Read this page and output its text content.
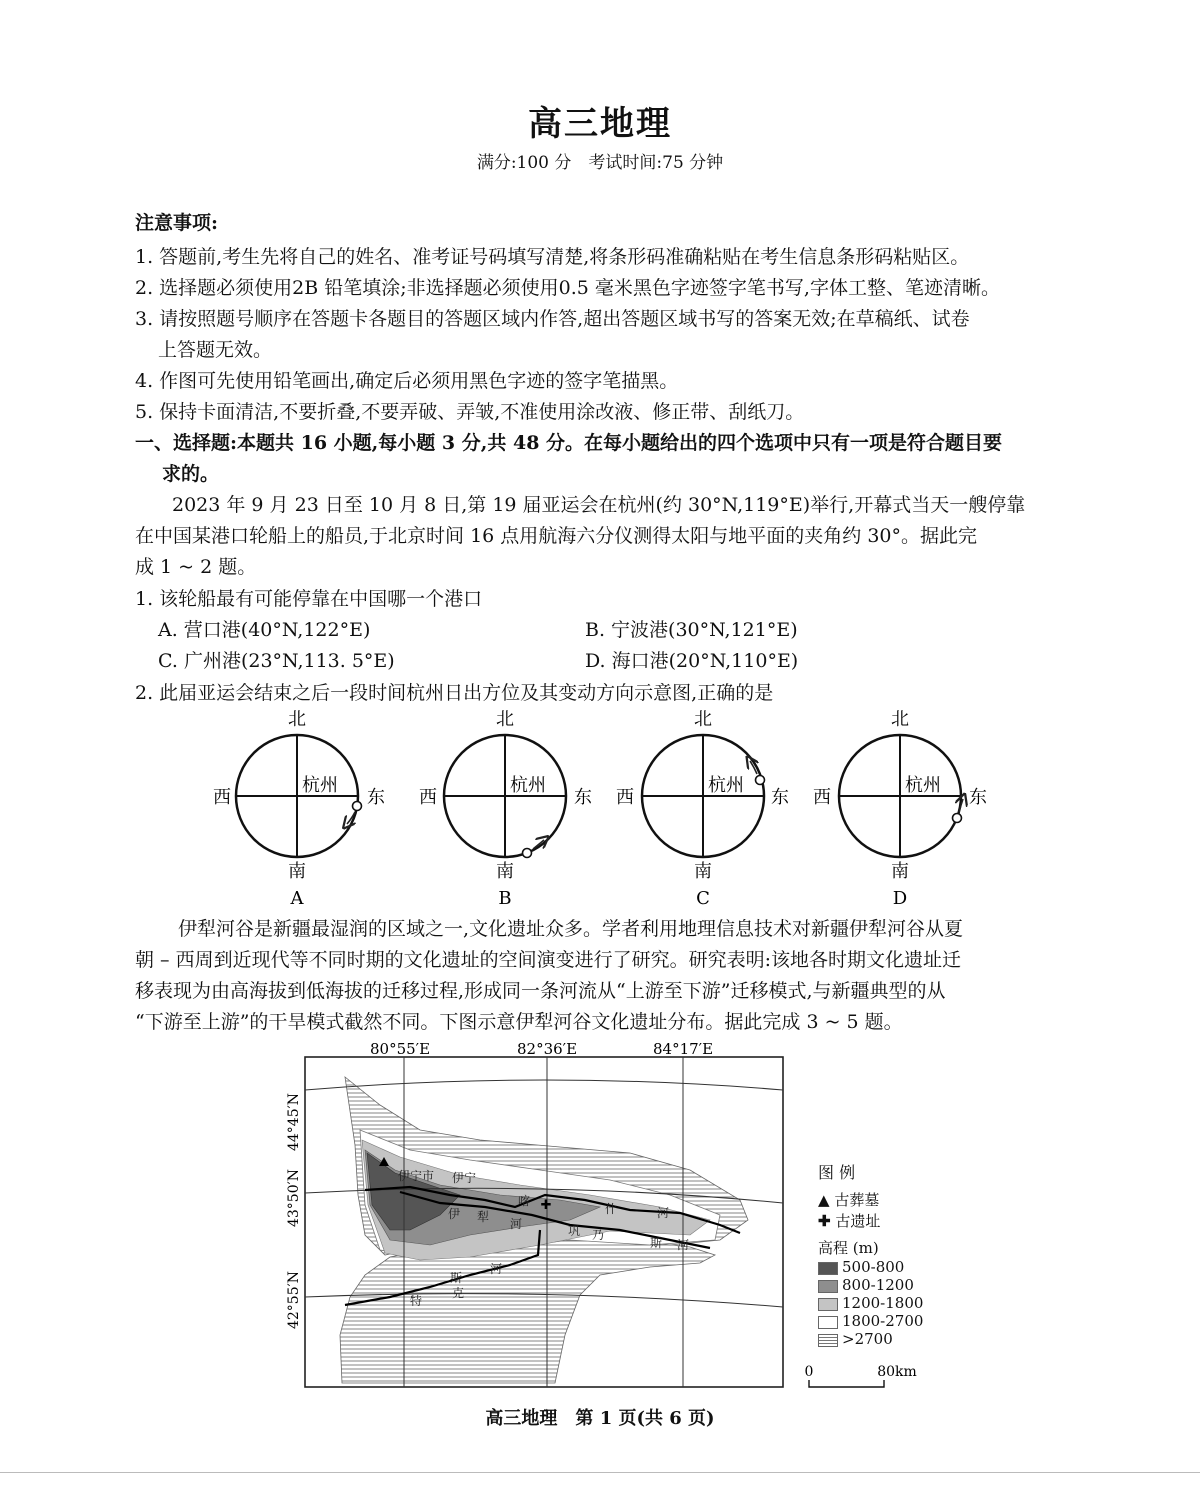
高三地理
满分:100 分　考试时间:75 分钟
注意事项:
1. 答题前,考生先将自己的姓名、准考证号码填写清楚,将条形码准确粘贴在考生信息条形码粘贴区。
2. 选择题必须使用2B 铅笔填涂;非选择题必须使用0.5 毫米黑色字迹签字笔书写,字体工整、笔迹清晰。
3. 请按照题号顺序在答题卡各题目的答题区域内作答,超出答题区域书写的答案无效;在草稿纸、试卷
上答题无效。
4. 作图可先使用铅笔画出,确定后必须用黑色字迹的签字笔描黑。
5. 保持卡面清洁,不要折叠,不要弄破、弄皱,不准使用涂改液、修正带、刮纸刀。
一、选择题:本题共 16 小题,每小题 3 分,共 48 分。在每小题给出的四个选项中只有一项是符合题目要
求的。
2023 年 9 月 23 日至 10 月 8 日,第 19 届亚运会在杭州(约 30°N,119°E)举行,开幕式当天一艘停靠
在中国某港口轮船上的船员,于北京时间 16 点用航海六分仪测得太阳与地平面的夹角约 30°。据此完
成 1 ~ 2 题。
1. 该轮船最有可能停靠在中国哪一个港口
A. 营口港(40°N,122°E)	B. 宁波港(30°N,121°E)
C. 广州港(23°N,113. 5°E)	D. 海口港(20°N,110°E)
2. 此届亚运会结束之后一段时间杭州日出方位及其变动方向示意图,正确的是
北
西	东
杭州
南
A
北
西	东
杭州
南
B
北
西	东
杭州
南
C
北
西	东
杭州
南
D
伊犁河谷是新疆最湿润的区域之一,文化遗址众多。学者利用地理信息技术对新疆伊犁河谷从夏
朝 – 西周到近现代等不同时期的文化遗址的空间演变进行了研究。研究表明:该地各时期文化遗址迁
移表现为由高海拔到低海拔的迁移过程,形成同一条河流从“上游至下游”迁移模式,与新疆典型的从
“下游至上游”的干旱模式截然不同。下图示意伊犁河谷文化遗址分布。据此完成 3 ~ 5 题。
80°55′E	82°36′E	84°17′E
44°45′N
43°50′N
42°55′N
✚
伊宁市 伊宁
喀
什	河
伊 犁 河	巩 乃
斯 河
斯
河
特
克
图 例
▲ 古葬墓
✚ 古遗址
高程 (m)
500-800
800-1200
1200-1800
1800-2700
>2700
0	80km
高三地理　第 1 页(共 6 页)
